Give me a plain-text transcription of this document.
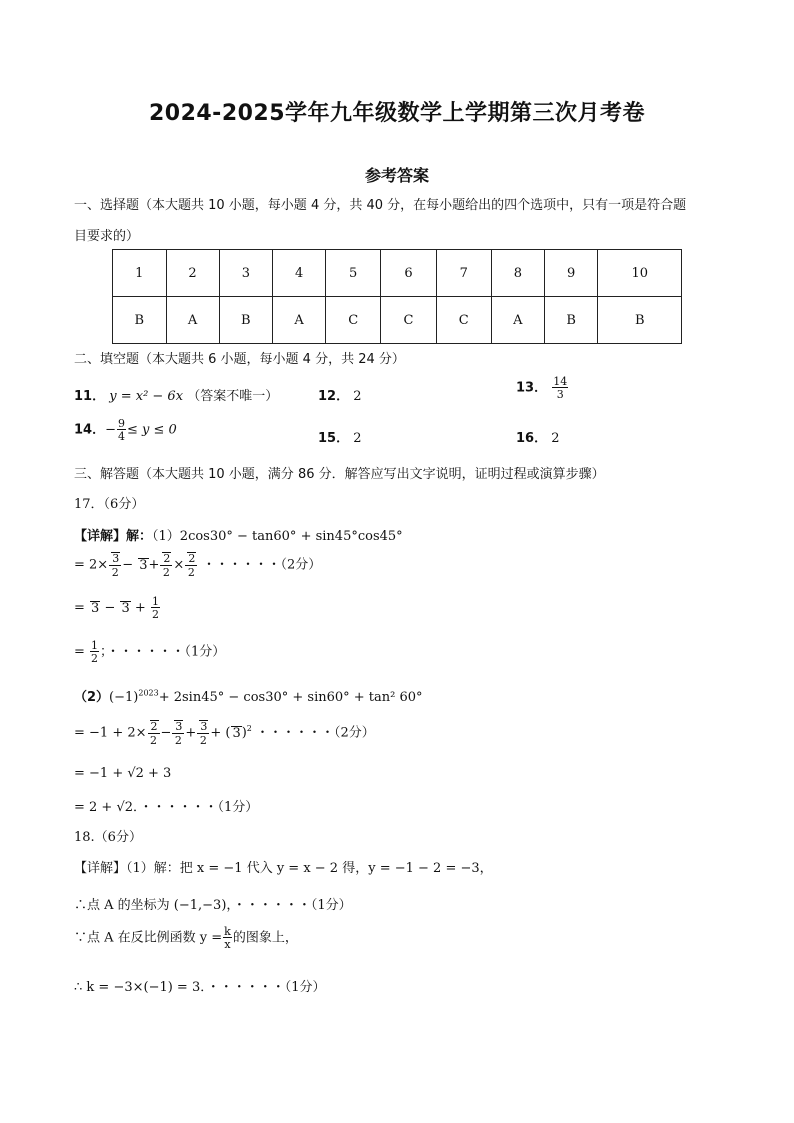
2024-2025学年九年级数学上学期第三次月考卷
参考答案
一、选择题（本大题共 10 小题，每小题 4 分，共 40 分，在每小题给出的四个选项中，只有一项是符合题
目要求的）
1	2	3	4	5	6	7	8	9	10
B	A	B	A	C	C	C	A	B	B
二、填空题（本大题共 6 小题，每小题 4 分，共 24 分）
11． y = x² − 6x （答案不唯一）	12． 2
13． $\frac{14}{3}$
14．− $\frac{9}{4} \le y \le 0$
15． 2	16． 2
三、解答题（本大题共 10 小题，满分 86 分．解答应写出文字说明，证明过程或演算步骤）
17．（6分）
【详解】解：（1）2cos30° − tan60° + sin45°cos45°
= $2\times \frac{3}{2} - 3+ \frac{2}{2} \times \frac{2}{2}$ ・・・・・・（2分）
= $3 - 3 + \frac{1}{2}$
= $\frac{1}{2}$ ；・・・・・・（1分）
$(2)(-1)^{2023}+ 2\sin 45^\circ - \cos 30^\circ + \sin 60^\circ + \tan^2$ 60°
= $-1 + 2\times \frac{2}{2} - \frac{3}{2} + \frac{3}{2}$ + ( 3)$^2$ ・・・・・・（2分）
= −1 + √2 + 3
= 2 + √2．・・・・・・（1分）
18.（6分）
【详解】（1）解：把 x = −1 代入 y = x − 2 得，y = −1 − 2 = −3，
∴点 A 的坐标为 (−1,−3)，・・・・・・（1分）
∵点 A 在反比例函数 $y = \frac{k}{x}$ 的图象上，
∴ k = −3×(−1) = 3．・・・・・・（1分）
